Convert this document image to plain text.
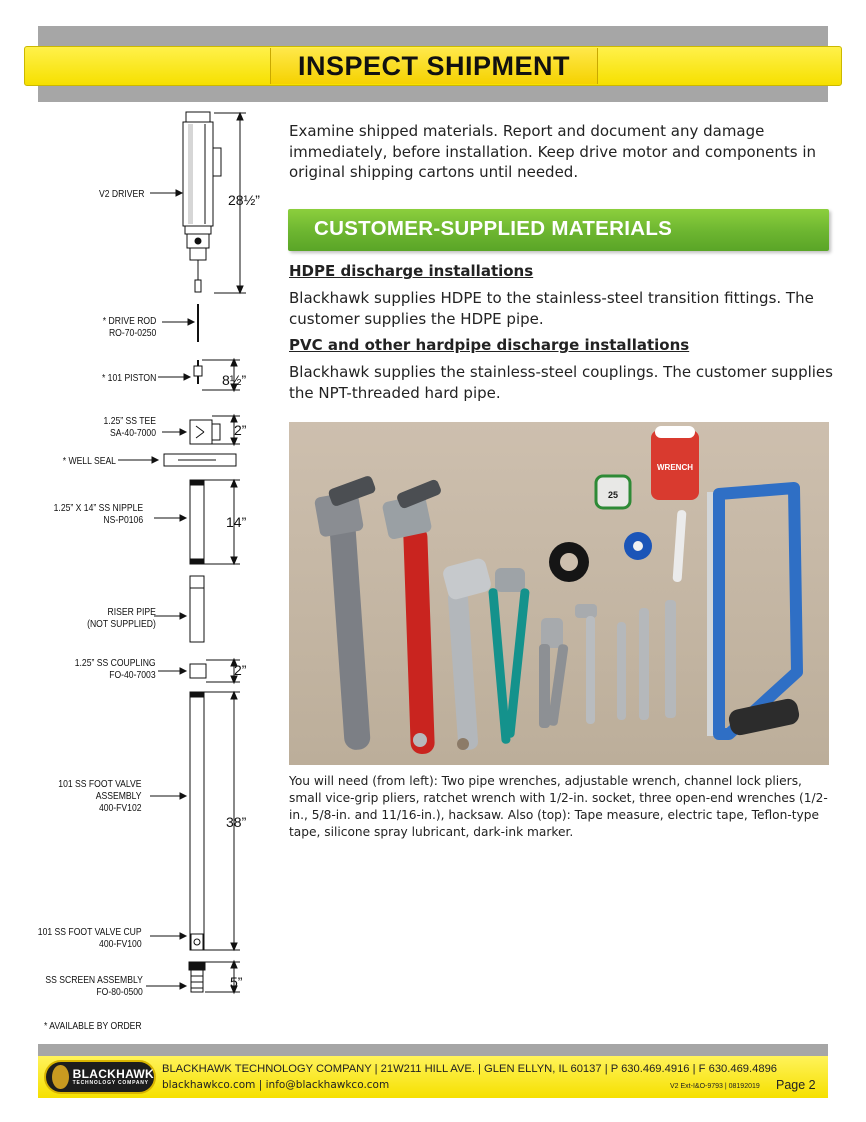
INSPECT SHIPMENT
V2 DRIVER
* DRIVE ROD
RO-70-0250
* 101 PISTON
1.25” SS TEE
SA-40-7000
* WELL SEAL
1.25” X 14” SS NIPPLE
NS-P0106
RISER PIPE
(NOT SUPPLIED)
1.25” SS COUPLING
FO-40-7003
101 SS FOOT VALVE
ASSEMBLY
400-FV102
101 SS FOOT VALVE CUP
400-FV100
SS SCREEN ASSEMBLY
FO-80-0500
28½”
8½”
2”
14”
2”
38”
5”
* AVAILABLE BY ORDER

Examine shipped materials. Report and document any damage immediately, before installation. Keep drive motor and components in original shipping cartons until needed.

CUSTOMER-SUPPLIED MATERIALS
HDPE discharge installations

Blackhawk supplies HDPE to the stainless-steel transition fittings. The customer supplies the HDPE pipe.

PVC and other hardpipe discharge installations

Blackhawk supplies the stainless-steel couplings. The customer supplies the NPT-threaded hard pipe.

25
WRENCH

You will need (from left): Two pipe wrenches, adjustable wrench, channel lock pliers, small vice-grip pliers, ratchet wrench with 1/2-in. socket, three open-end wrenches (1/2-in., 5/8-in. and 11/16-in.), hacksaw. Also (top): Tape measure, electric tape, Teflon-type tape, silicone spray lubricant, dark-ink marker.

BLACKHAWK
TECHNOLOGY COMPANY
BLACKHAWK TECHNOLOGY COMPANY | 21W211 HILL AVE. | GLEN ELLYN, IL 60137 | P 630.469.4916 | F 630.469.4896
blackhawkco.com | info@blackhawkco.com	V2 Ext-I&O-9793 | 08192019 Page 2
